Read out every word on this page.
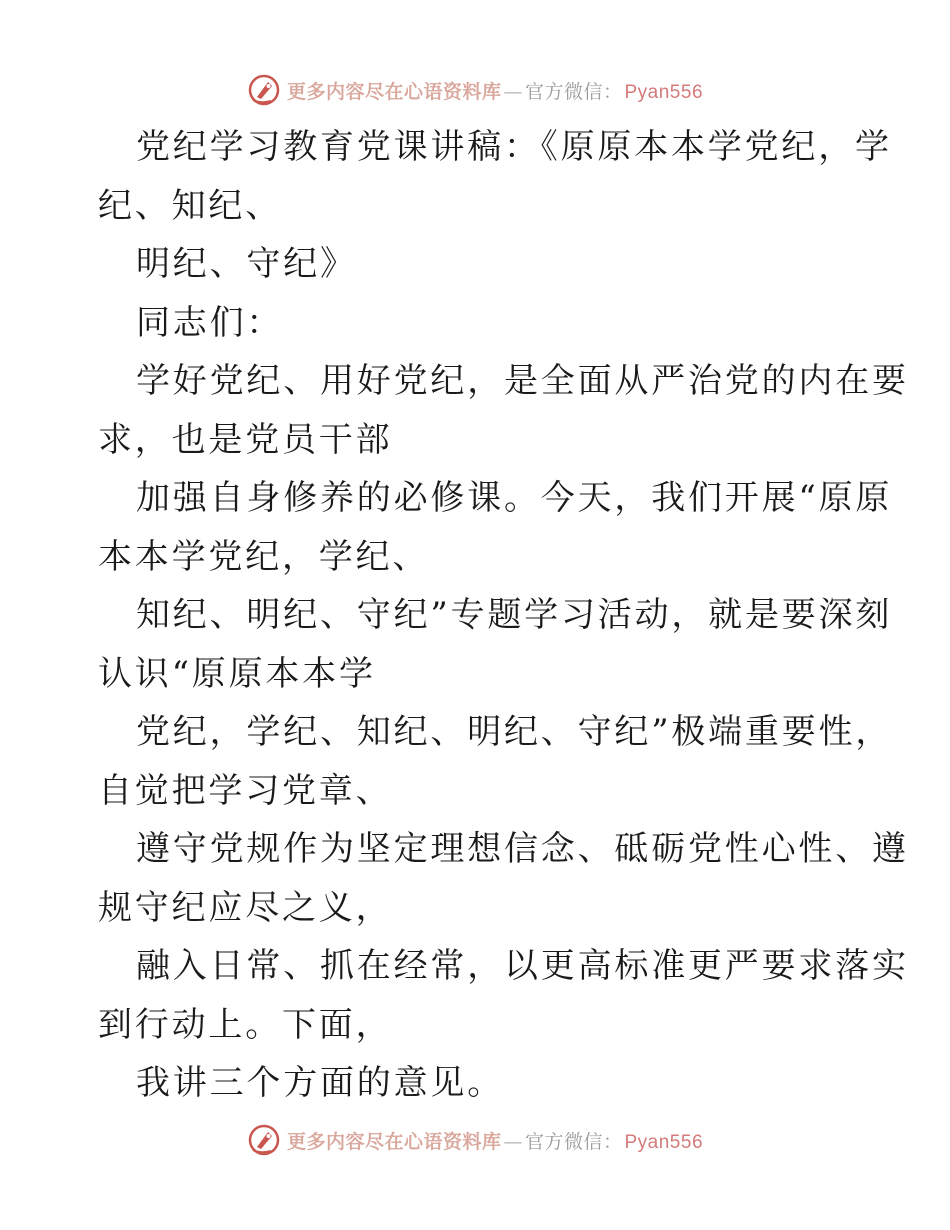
更多内容尽在心语资料库 — 官方微信： Pyan556
党纪学习教育党课讲稿：《原原本本学党纪，学
纪、知纪、
明纪、守纪》
同志们：
学好党纪、用好党纪，是全面从严治党的内在要
求，也是党员干部
加强自身修养的必修课。今天，我们开展“原原
本本学党纪，学纪、
知纪、明纪、守纪”专题学习活动，就是要深刻
认识“原原本本学
党纪，学纪、知纪、明纪、守纪”极端重要性，
自觉把学习党章、
遵守党规作为坚定理想信念、砥砺党性心性、遵
规守纪应尽之义，
融入日常、抓在经常，以更高标准更严要求落实
到行动上。下面，
我讲三个方面的意见。
更多内容尽在心语资料库 — 官方微信： Pyan556
